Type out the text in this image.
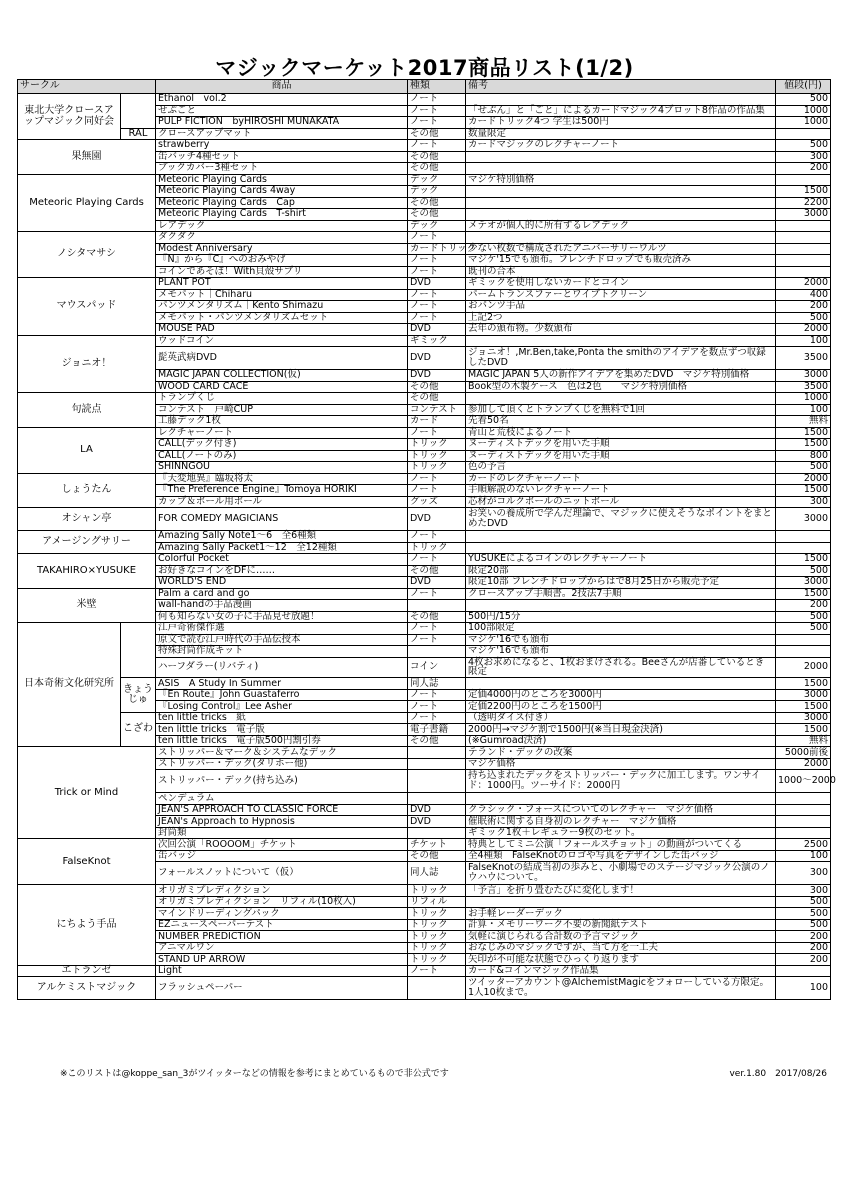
マジックマーケット2017商品リスト(1/2)
サークル		商品	種類	備考	値段(円)
東北大学クロースアップマジック同好会		Ethanol　vol.2	ノート		500
		せぷごと	ノート	「せぷん」と「ごと」によるカードマジック4プロット8作品の作品集	1000
		PULP FICTION　byHIROSHI MUNAKATA	ノート	カードトリック4つ 学生は500円	1000
	RAL	クロースアップマット	その他	数量限定	
果無園		strawberry	ノート	カードマジックのレクチャーノート	500
		缶バッチ4種セット	その他		300
		ブックカバー3種セット	その他		200
Meteoric Playing Cards		Meteoric Playing Cards	デック	マジケ特別価格	
		Meteoric Playing Cards 4way	デック		1500
		Meteoric Playing Cards　Cap	その他		2200
		Meteoric Playing Cards　T-shirt	その他		3000
		レアデック	デック	メテオが個人的に所有するレアデック	
ノシタマサシ		ダクダク	ノート		
		Modest Anniversary	カードトリック	少ない枚数で構成されたアニバーサリーワルツ	
		『N』から『C』へのおみやげ	ノート	マジケ'15でも頒布。フレンチドロップでも販売済み	
		コインであそぼ！With貝殻サプリ	ノート	既刊の合本	
マウスパッド		PLANT POT	DVD	ギミックを使用しないカードとコイン	2000
		メモパット｜Chiharu	ノート	パームトランスファーとワイプトクリーン	400
		パンツメンタリズム｜Kento Shimazu	ノート	おパンツ手品	200
		メモパット・パンツメンタリズムセット	ノート	上記2つ	500
		MOUSE PAD	DVD	去年の頒布物。少数頒布	2000
ジョニオ！		ウッドコイン	ギミック		100
		髭英武病DVD	DVD	ジョニオ！,Mr.Ben,take,Ponta the smithのアイデアを数点ずつ収録したDVD	3500
		MAGIC JAPAN COLLECTION(仮)	DVD	MAGIC JAPAN 5人の新作アイデアを集めたDVD　マジケ特別価格	3000
		WOOD CARD CACE	その他	Book型の木製ケース　色は2色　　マジケ特別価格	3500
句読点		トランプくじ	その他		1000
		コンテスト　戸崎CUP	コンテスト	参加して頂くとトランプくじを無料で1回	100
		工藤デック1枚	カード	先着50名	無料
LA		レクチャーノート	ノート	青山と荒枝によるノート	1500
		CALL(デック付き)	トリック	ヌーディストデックを用いた手順	1500
		CALL(ノートのみ)	トリック	ヌーディストデックを用いた手順	800
		SHINNGOU	トリック	色の予言	500
しょうたん		『天変地異』臨坂将太	ノート	カードのレクチャーノート	2000
		『The Preference Engine』Tomoya HORIKI	ノート	手順解説のないレクチャーノート	1500
		カップ＆ボール用ボール	グッズ	芯材がコルクボールのニットボール	300
オシャン亭		FOR COMEDY MAGICIANS	DVD	お笑いの養成所で学んだ理論で、マジックに使えそうなポイントをまとめたDVD	3000
アメージングサリー		Amazing Sally Note1〜6　全6種類	ノート		
		Amazing Sally Packet1〜12　全12種類	トリック		
TAKAHIRO×YUSUKE		Colorful Pocket	ノート	YUSUKEによるコインのレクチャーノート	1500
		お好きなコインをDFに……	その他	限定20部	500
		WORLD'S END	DVD	限定10部 フレンチドロップからはで8月25日から販売予定	3000
米壁		Palm a card and go	ノート	クロースアップ手順書。2技法7手順	1500
		wall-handの手品漫画			200
		何も知らない女の子に手品見せ放題！	その他	500円/15分	500
日本奇術文化研究所		江戸奇術傑作選	ノート	100部限定	500
		原文で読む江戸時代の手品伝授本	ノート	マジケ'16でも頒布	
		特殊封筒作成キット		マジケ'16でも頒布	
		ハーフダラー(リバティ)	コイン	4枚お求めになると、1枚おまけされる。Beeさんが店番しているとき限定	2000
	きょうじゅ	ASIS　A Study In Summer	同人誌		1500
		『En Route』John Guastaferro	ノート	定価4000円のところを3000円	3000
		『Losing Control』Lee Asher	ノート	定価2200円のところを1500円	1500
	こざわ	ten little tricks　紙	ノート	（透明ダイス付き）	3000
		ten little tricks　電子版	電子書籍	2000円→マジケ割で1500円(※当日現金決済)	1500
		ten little tricks　電子版500円割引券	その他	(※Gumroad決済)	無料
Trick or Mind		ストリッパー＆マーク＆システムなデック		テランド・デックの改案	5000前後
		ストリッパー・デック(タリホー他)		マジケ価格	2000
		ストリッパー・デック(持ち込み)		持ち込まれたデックをストリッパー・デックに加工します。ワンサイド：1000円。ツーサイド：2000円	1000〜2000
		ペンデュラム			
		JEAN'S APPROACH TO CLASSIC FORCE	DVD	クラシック・フォースについてのレクチャー　マジケ価格	
		JEAN's Approach to Hypnosis	DVD	催眠術に関する自身初のレクチャー　マジケ価格	
		封筒類		ギミック1枚＋レギュラー9枚のセット。	
FalseKnot		次回公演「ROOOOM」チケット	チケット	特典としてミニ公演「フォールスチョット」の動画がついてくる	2500
		缶バッジ	その他	全4種類　FalseKnotのロゴや写真をデザインした缶バッジ	100
		フォールスノットについて（仮）	同人誌	FalseKnotの結成当初の歩みと、小劇場でのステージマジック公演のノウハウについて。	300
にちよう手品		オリガミプレディクション	トリック	「予言」を折り畳むたびに変化します！	300
		オリガミプレディクション　リフィル(10枚入)	リフィル		500
		マインドリーディングパック	トリック	お手軽レーダーデック	500
		EZニュースペーパーテスト	トリック	計算・メモリーワーク不要の新聞紙テスト	500
		NUMBER PREDICTION	トリック	気軽に演じられる合計数の予言マジック	200
		アニマルワン	トリック	おなじみのマジックですが、当て方を一工夫	200
		STAND UP ARROW	トリック	矢印が不可能な状態でひっくり返ります	200
エトランゼ		Light	ノート	カード&コインマジック作品集	
アルケミストマジック		フラッシュペーパー		ツイッターアカウント@AlchemistMagicをフォローしている方限定。1人10枚まで。	100
※このリストは@koppe_san_3がツイッターなどの情報を参考にまとめているもので非公式です	ver.1.80　2017/08/26
